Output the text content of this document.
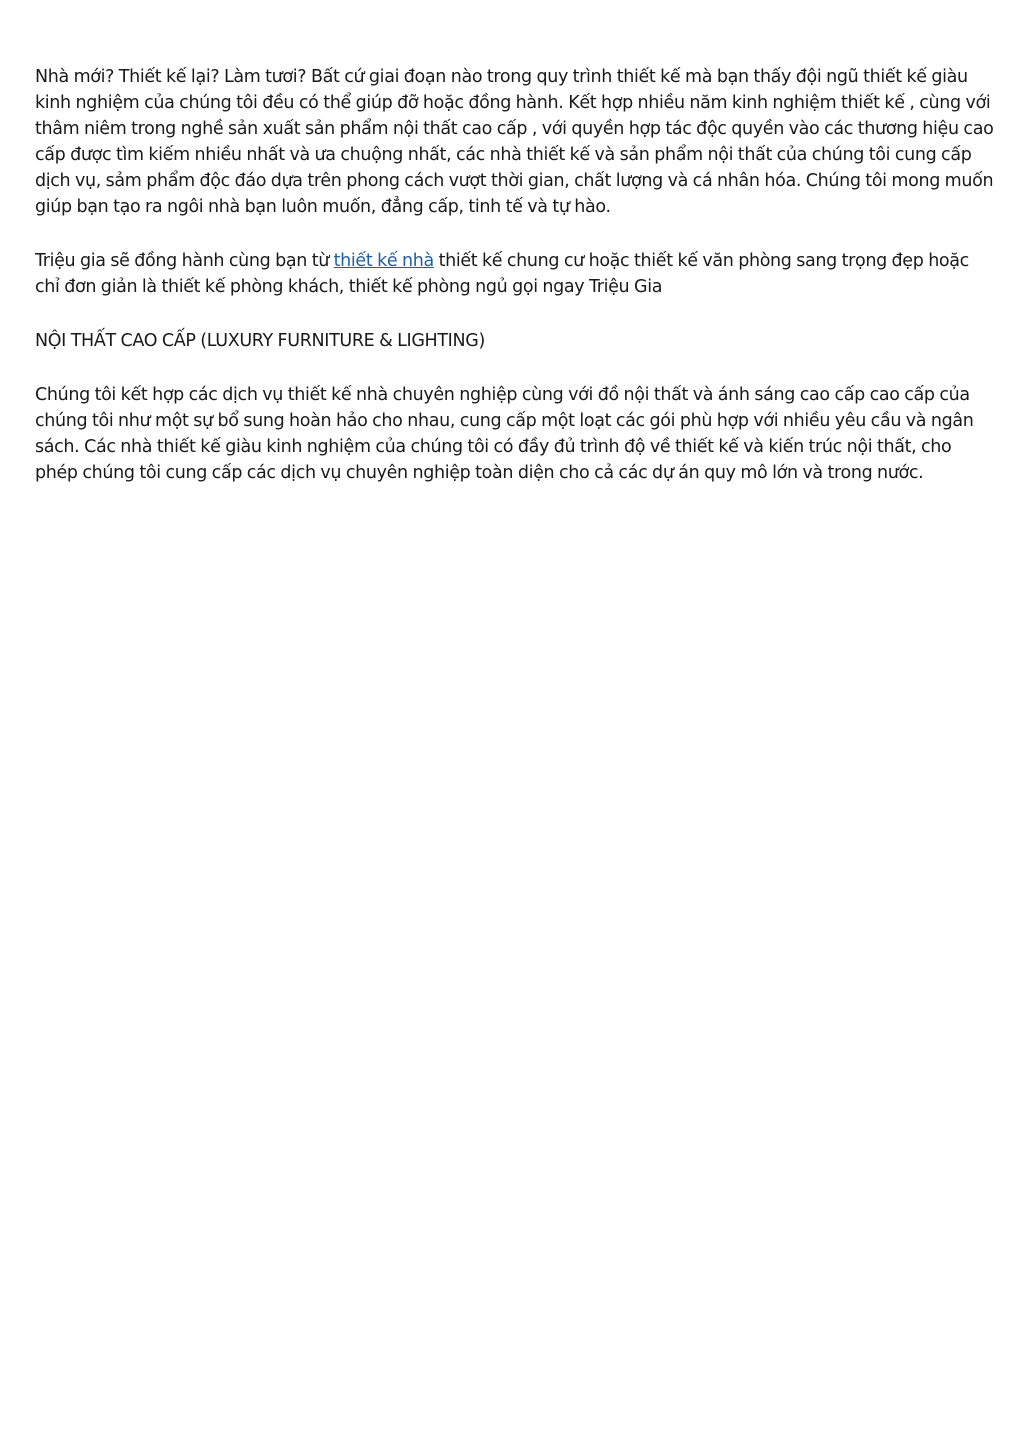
Nhà mới? Thiết kế lại? Làm tươi? Bất cứ giai đoạn nào trong quy trình thiết kế mà bạn thấy đội ngũ thiết kế giàu kinh nghiệm của chúng tôi đều có thể giúp đỡ hoặc đồng hành. Kết hợp nhiều năm kinh nghiệm thiết kế , cùng với thâm niêm trong nghề sản xuất sản phẩm nội thất cao cấp , với quyền hợp tác độc quyền vào các thương hiệu cao cấp được tìm kiếm nhiều nhất và ưa chuộng nhất, các nhà thiết kế và sản phẩm nội thất của chúng tôi cung cấp dịch vụ, sảm phẩm độc đáo dựa trên phong cách vượt thời gian, chất lượng và cá nhân hóa. Chúng tôi mong muốn giúp bạn tạo ra ngôi nhà bạn luôn muốn, đẳng cấp, tinh tế và tự hào.

Triệu gia sẽ đồng hành cùng bạn từ thiết kế nhà thiết kế chung cư hoặc thiết kế văn phòng sang trọng đẹp hoặc chỉ đơn giản là thiết kế phòng khách, thiết kế phòng ngủ gọi ngay Triệu Gia

NỘI THẤT CAO CẤP (LUXURY FURNITURE & LIGHTING)

Chúng tôi kết hợp các dịch vụ thiết kế nhà chuyên nghiệp cùng với đồ nội thất và ánh sáng cao cấp cao cấp của chúng tôi như một sự bổ sung hoàn hảo cho nhau, cung cấp một loạt các gói phù hợp với nhiều yêu cầu và ngân sách. Các nhà thiết kế giàu kinh nghiệm của chúng tôi có đầy đủ trình độ về thiết kế và kiến trúc nội thất, cho phép chúng tôi cung cấp các dịch vụ chuyên nghiệp toàn diện cho cả các dự án quy mô lớn và trong nước.
